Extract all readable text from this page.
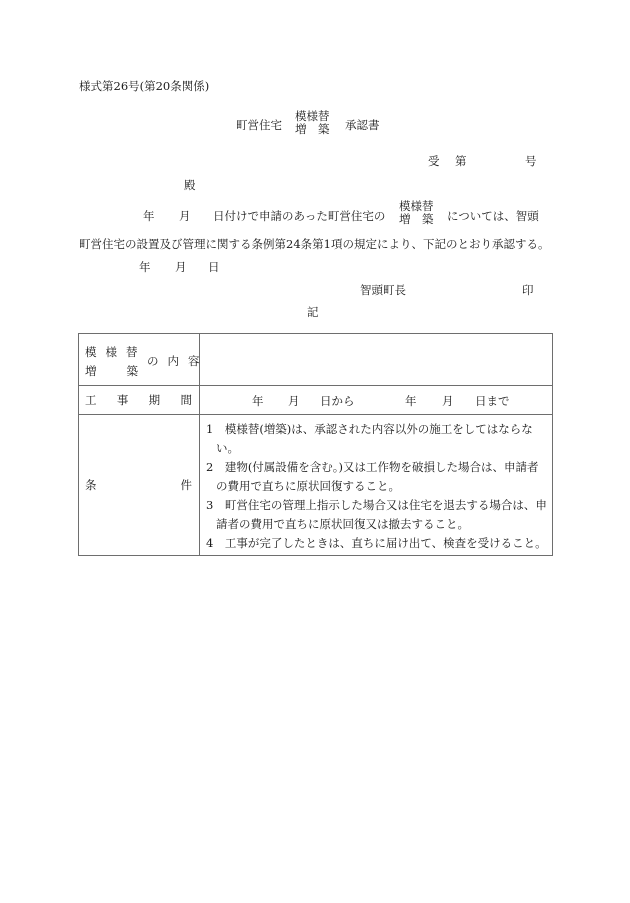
様式第26号(第20条関係)
町営住宅
模様替
増　築 承認書
受 第	号
殿
年 月 日付けで申請のあった町営住宅の
模様替
増　築 については、智頭
町営住宅の設置及び管理に関する条例第24条第1項の規定により、下記のとおり承認する。
年 月 日
智頭町長	印
記
模 様 替
増	築
の 内 容

工 事 期 間	年 月 日から	年 月 日まで

条	件

1　模様替(増築)は、承認された内容以外の施工をしてはならない。
2　建物(付属設備を含む。)又は工作物を破損した場合は、申請者の費用で直ちに原状回復すること。
3　町営住宅の管理上指示した場合又は住宅を退去する場合は、申請者の費用で直ちに原状回復又は撤去すること。
4　工事が完了したときは、直ちに届け出て、検査を受けること。
